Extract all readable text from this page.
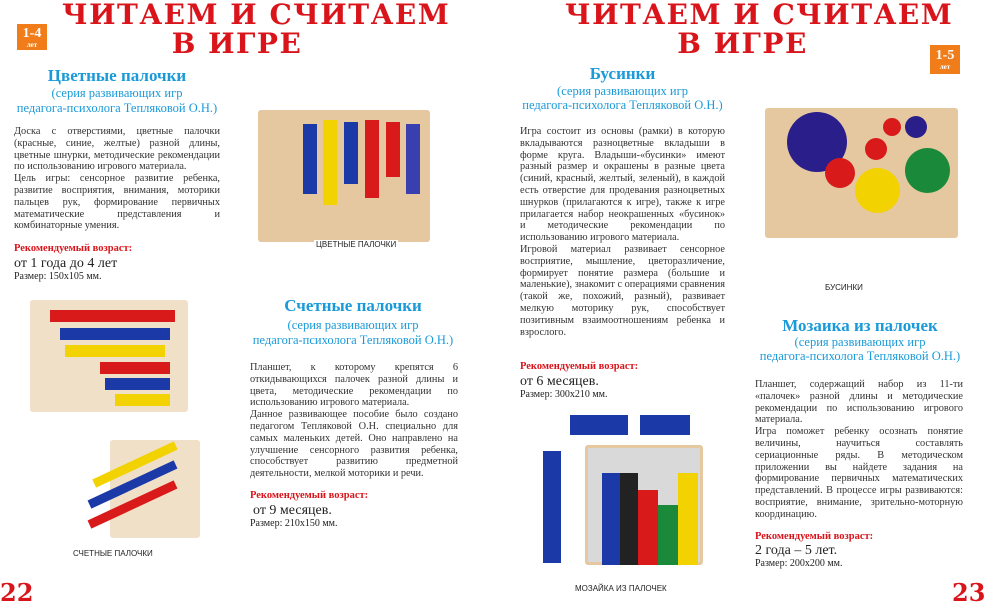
ЧИТАЕМ И СЧИТАЕМ
В ИГРЕ
1-4
лет
Цветные палочки
(серия развивающих игр
педагога-психолога Тепляковой О.Н.)

Доска с отверстиями, цветные палочки (красные, синие, желтые) разной длины, цветные шнурки, методические рекомендации по использованию игрового материала.

Цель игры: сенсорное развитие ребенка, развитие восприятия, внимания, моторики пальцев рук, формирование первичных математические представления и комбинаторные умения.

Рекомендуемый возраст:
от 1 года до 4 лет
Размер: 150x105 мм.
ЦВЕТНЫЕ ПАЛОЧКИ
СЧЕТНЫЕ ПАЛОЧКИ
Счетные палочки
(серия развивающих игр
педагога-психолога Тепляковой О.Н.)

Планшет, к которому крепятся 6 откидывающихся палочек разной длины и цвета, методические рекомендации по использованию игрового материала.

Данное развивающее пособие было создано педагогом Тепляковой О.Н. специально для самых маленьких детей. Оно направлено на улучшение сенсорного развития ребенка, способствует развитию предметной деятельности, мелкой моторики и речи.

Рекомендуемый возраст:
от 9 месяцев.
Размер: 210x150 мм.
22
ЧИТАЕМ И СЧИТАЕМ
В ИГРЕ	1-5
лет
Бусинки
(серия развивающих игр
педагога-психолога Тепляковой О.Н.)

Игра состоит из основы (рамки) в которую вкладываются разноцветные вкладыши в форме круга. Владыши-«бусинки» имеют разный размер и окрашены в разные цвета (синий, красный, желтый, зеленый), в каждой есть отверстие для продевания разноцветных шнурков (прилагаются к игре), также к игре прилагается набор неокрашенных «бусинок» и методические рекомендации по использованию игрового материала.

Игровой материал развивает сенсорное восприятие, мышление, цветоразличение, формирует понятие размера (большие и маленькие), знакомит с операциями сравнения (такой же, похожий, разный), развивает мелкую моторику рук, способствует позитивным взаимоотношениям ребенка и взрослого.

Рекомендуемый возраст:
от 6 месяцев.
Размер: 300x210 мм.
БУСИНКИ
Мозаика из палочек
(серия развивающих игр
педагога-психолога Тепляковой О.Н.)

Планшет, содержащий набор из 11-ти «палочек» разной длины и методические рекомендации по использованию игрового материала.

Игра поможет ребенку осознать понятие величины, научиться составлять сериационные ряды. В методическом приложении вы найдете задания на формирование первичных математических представлений. В процессе игры развиваются: восприятие, внимание, зрительно-моторную координацию.

Рекомендуемый возраст:
2 года – 5 лет.
Размер: 200x200 мм.
МОЗАЙКА ИЗ ПАЛОЧЕК	23
